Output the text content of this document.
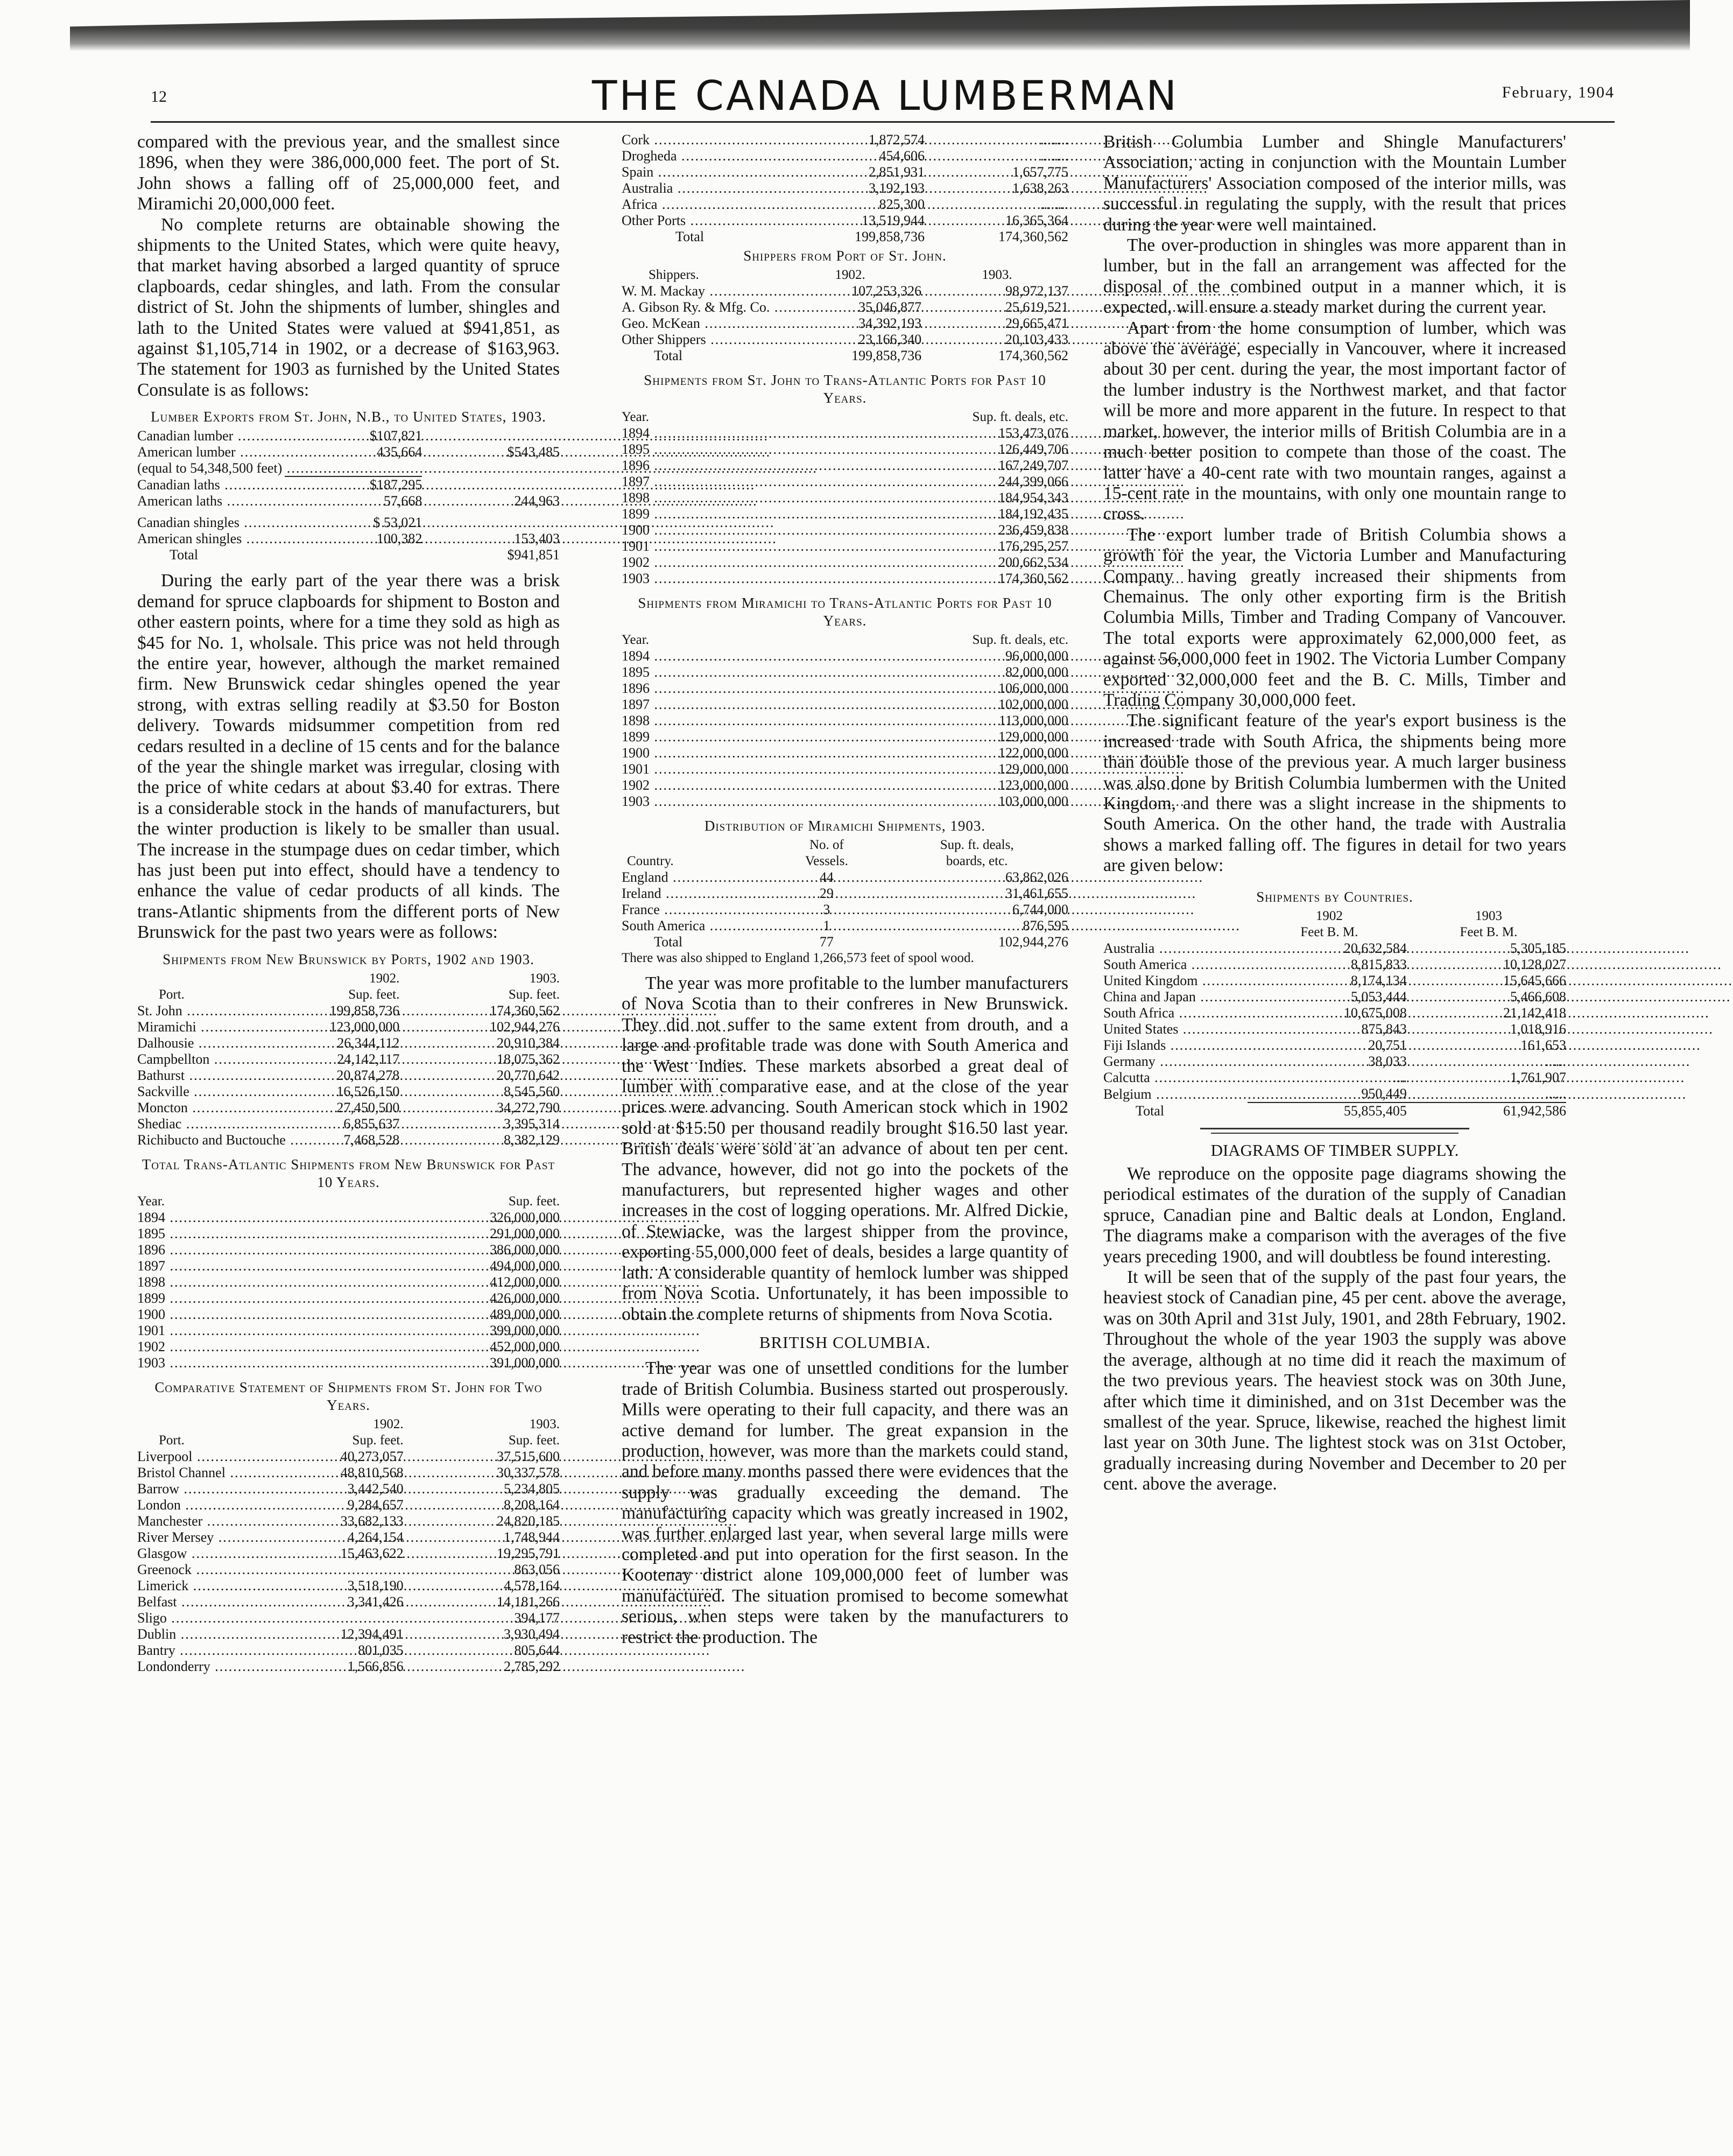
12	THE CANADA LUMBERMAN	February, 1904

compared with the previous year, and the smallest since 1896, when they were 386,000,000 feet. The port of St. John shows a falling off of 25,000,000 feet, and Miramichi 20,000,000 feet.

No complete returns are obtainable showing the shipments to the United States, which were quite heavy, that market having absorbed a larged quantity of spruce clapboards, cedar shingles, and lath. From the consular district of St. John the shipments of lumber, shingles and lath to the United States were valued at $941,851, as against $1,105,714 in 1902, or a decrease of $163,963. The statement for 1903 as furnished by the United States Consulate is as follows:

Lumber Exports from St. John, N.B., to United States, 1903.
Canadian lumber .....	$107,821	

American lumber .....	435,664	$543,485

(equal to 54,348,500 feet) .....

Canadian laths .....	$187,295	

American laths .....	57,668	244,963

Canadian shingles .....	$ 53,021	

American shingles .....	100,382	153,403
Total		$941,851

During the early part of the year there was a brisk demand for spruce clapboards for shipment to Boston and other eastern points, where for a time they sold as high as $45 for No. 1, wholsale. This price was not held through the entire year, however, although the market remained firm. New Brunswick cedar shingles opened the year strong, with extras selling readily at $3.50 for Boston delivery. Towards midsummer competition from red cedars resulted in a decline of 15 cents and for the balance of the year the shingle market was irregular, closing with the price of white cedars at about $3.40 for extras. There is a considerable stock in the hands of manufacturers, but the winter production is likely to be smaller than usual. The increase in the stumpage dues on cedar timber, which has just been put into effect, should have a tendency to enhance the value of cedar products of all kinds. The trans-Atlantic shipments from the different ports of New Brunswick for the past two years were as follows:

Shipments from New Brunswick by Ports, 1902 and 1903.
	1902.	1903.
Port.	Sup. feet.	Sup. feet.

St. John .....	199,858,736	174,360,562

Miramichi .....	123,000,000	102,944,276

Dalhousie .....	26,344,112	20,910,384

Campbellton .....	24,142,117	18,075,362

Bathurst .....	20,874,278	20,770,642

Sackville .....	16,526,150	8,545,560

Moncton .....	27,450,500	34,272,790

Shediac .....	6,855,637	3,395,314

Richibucto and Buctouche .....	7,468,528	8,382,129
Total Trans-Atlantic Shipments from New Brunswick for Past 10 Years.
Year.	Sup. feet.

1894 .....	326,000,000

1895 .....	291,000,000

1896 .....	386,000,000

1897 .....	494,000,000

1898 .....	412,000,000

1899 .....	426,000,000

1900 .....	489,000,000

1901 .....	399,000,000

1902 .....	452,000,000

1903 .....	391,000,000
Comparative Statement of Shipments from St. John for Two Years.
	1902.	1903.
Port.	Sup. feet.	Sup. feet.

Liverpool .....	40,273,057	37,515,600

Bristol Channel .....	48,810,568	30,337,578

Barrow .....	3,442,540	5,234,805

London .....	9,284,657	8,208,164

Manchester .....	33,682,133	24,820,185

River Mersey .....	4,264,154	1,748,944

Glasgow .....	15,463,622	19,295,791

Greenock .....		863,056

Limerick .....	3,518,190	4,578,164

Belfast .....	3,341,426	14,181,266

Sligo .....		394,177

Dublin .....	12,394,491	3,930,494

Bantry .....	801,035	805,644

Londonderry .....	1,566,856	2,785,292
Cork .....	1,872,574	........

Drogheda .....	454,606	........

Spain .....	2,851,931	1,657,775

Australia .....	3,192,193	1,638,263

Africa .....	825,300	........

Other Ports .....	13,519,944	16,365,364
Total	199,858,736	174,360,562
Shippers from Port of St. John.
Shippers.	1902.	1903.

W. M. Mackay .....	107,253,326	98,972,137

A. Gibson Ry. & Mfg. Co. .....	35,046,877	25,619,521

Geo. McKean .....	34,392,193	29,665,471

Other Shippers .....	23,166,340	20,103,433
Total	199,858,736	174,360,562
Shipments from St. John to Trans-Atlantic Ports for Past 10 Years.
Year.	Sup. ft. deals, etc.

1894 .....	153,473,076

1895 .....	126,449,706

1896 .....	167,249,707

1897 .....	244,399,066

1898 .....	184,954,343

1899 .....	184,192,435

1900 .....	236,459,838

1901 .....	176,295,257

1902 .....	200,662,534

1903 .....	174,360,562
Shipments from Miramichi to Trans-Atlantic Ports for Past 10 Years.
Year.	Sup. ft. deals, etc.

1894 .....	96,000,000

1895 .....	82,000,000

1896 .....	106,000,000

1897 .....	102,000,000

1898 .....	113,000,000

1899 .....	129,000,000

1900 .....	122,000,000

1901 .....	129,000,000

1902 .....	123,000,000

1903 .....	103,000,000
Distribution of Miramichi Shipments, 1903.
	No. of	Sup. ft. deals,
Country.	Vessels.	boards, etc.

England .....	44	63,862,026

Ireland .....	29	31,461,655

France .....	3	6,744,000

South America .....	1	876,595
Total	77	102,944,276
There was also shipped to England 1,266,573 feet of spool wood.

The year was more profitable to the lumber manufacturers of Nova Scotia than to their confreres in New Brunswick. They did not suffer to the same extent from drouth, and a large and profitable trade was done with South America and the West Indies. These markets absorbed a great deal of lumber with comparative ease, and at the close of the year prices were advancing. South American stock which in 1902 sold at $15.50 per thousand readily brought $16.50 last year. British deals were sold at an advance of about ten per cent. The advance, however, did not go into the pockets of the manufacturers, but represented higher wages and other increases in the cost of logging operations. Mr. Alfred Dickie, of Stewiacke, was the largest shipper from the province, exporting 55,000,000 feet of deals, besides a large quantity of lath. A considerable quantity of hemlock lumber was shipped from Nova Scotia. Unfortunately, it has been impossible to obtain the complete returns of shipments from Nova Scotia.

BRITISH COLUMBIA.

The year was one of unsettled conditions for the lumber trade of British Columbia. Business started out prosperously. Mills were operating to their full capacity, and there was an active demand for lumber. The great expansion in the production, however, was more than the markets could stand, and before many months passed there were evidences that the supply was gradually exceeding the demand. The manufacturing capacity which was greatly increased in 1902, was further enlarged last year, when several large mills were completed and put into operation for the first season. In the Kootenay district alone 109,000,000 feet of lumber was manufactured. The situation promised to become somewhat serious, when steps were taken by the manufacturers to restrict the production. The

British Columbia Lumber and Shingle Manufacturers' Association, acting in conjunction with the Mountain Lumber Manufacturers' Association composed of the interior mills, was successful in regulating the supply, with the result that prices during the year were well maintained.

The over-production in shingles was more apparent than in lumber, but in the fall an arrangement was affected for the disposal of the combined output in a manner which, it is expected, will ensure a steady market during the current year.

Apart from the home consumption of lumber, which was above the average, especially in Vancouver, where it increased about 30 per cent. during the year, the most important factor of the lumber industry is the Northwest market, and that factor will be more and more apparent in the future. In respect to that market, however, the interior mills of British Columbia are in a much better position to compete than those of the coast. The latter have a 40-cent rate with two mountain ranges, against a 15-cent rate in the mountains, with only one mountain range to cross.

The export lumber trade of British Columbia shows a growth for the year, the Victoria Lumber and Manufacturing Company having greatly increased their shipments from Chemainus. The only other exporting firm is the British Columbia Mills, Timber and Trading Company of Vancouver. The total exports were approximately 62,000,000 feet, as against 56,000,000 feet in 1902. The Victoria Lumber Company exported 32,000,000 feet and the B. C. Mills, Timber and Trading Company 30,000,000 feet.

The significant feature of the year's export business is the increased trade with South Africa, the shipments being more than double those of the previous year. A much larger business was also done by British Columbia lumbermen with the United Kingdom, and there was a slight increase in the shipments to South America. On the other hand, the trade with Australia shows a marked falling off. The figures in detail for two years are given below:

Shipments by Countries.
	1902	1903
	Feet B. M.	Feet B. M.

Australia .....	20,632,584	5,305,185

South America .....	8,815,833	10,128,027

United Kingdom .....	8,174,134	15,645,666

China and Japan .....	5,053,444	5,466,608

South Africa .....	10,675,008	21,142,418

United States .....	875,843	1,018,916

Fiji Islands .....	20,751	161,653

Germany .....	38,033	......

Calcutta .....	....	1,761,907

Belgium .....	950,449	......
Total	55,855,405	61,942,586
DIAGRAMS OF TIMBER SUPPLY.

We reproduce on the opposite page diagrams showing the periodical estimates of the duration of the supply of Canadian spruce, Canadian pine and Baltic deals at London, England. The diagrams make a comparison with the averages of the five years preceding 1900, and will doubtless be found interesting.

It will be seen that of the supply of the past four years, the heaviest stock of Canadian pine, 45 per cent. above the average, was on 30th April and 31st July, 1901, and 28th February, 1902. Throughout the whole of the year 1903 the supply was above the average, although at no time did it reach the maximum of the two previous years. The heaviest stock was on 30th June, after which time it diminished, and on 31st December was the smallest of the year. Spruce, likewise, reached the highest limit last year on 30th June. The lightest stock was on 31st October, gradually increasing during November and December to 20 per cent. above the average.
